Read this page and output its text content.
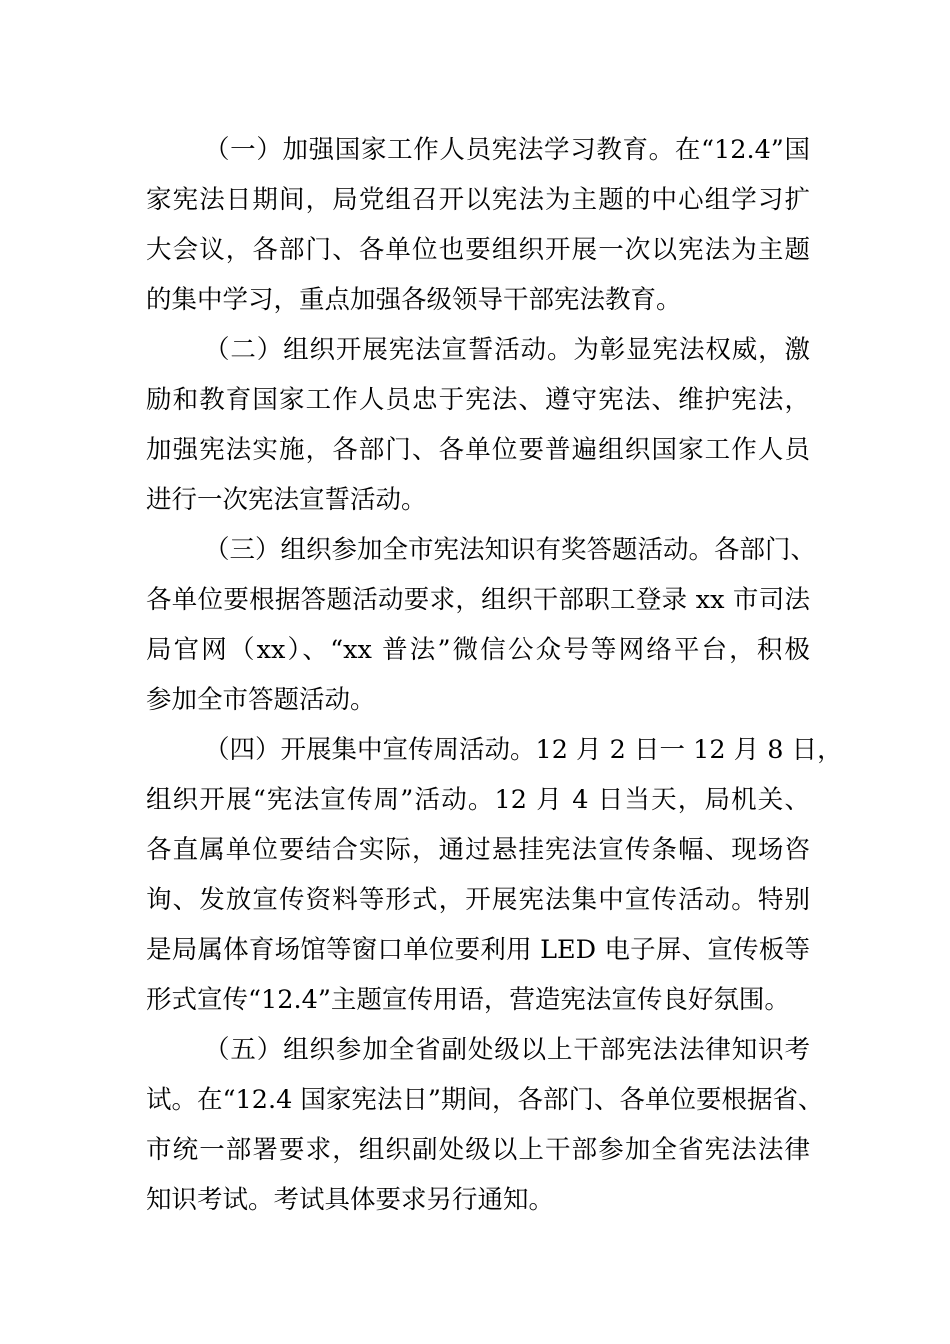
（一）加强国家工作人员宪法学习教育。在“12.4”国
家宪法日期间，局党组召开以宪法为主题的中心组学习扩
大会议，各部门、各单位也要组织开展一次以宪法为主题
的集中学习，重点加强各级领导干部宪法教育。
（二）组织开展宪法宣誓活动。为彰显宪法权威，激
励和教育国家工作人员忠于宪法、遵守宪法、维护宪法，
加强宪法实施，各部门、各单位要普遍组织国家工作人员
进行一次宪法宣誓活动。
（三）组织参加全市宪法知识有奖答题活动。各部门、
各单位要根据答题活动要求，组织干部职工登录 xx 市司法
局官网（xx）、“xx 普法”微信公众号等网络平台，积极
参加全市答题活动。
（四）开展集中宣传周活动。12 月 2 日一 12 月 8 日，
组织开展“宪法宣传周”活动。12 月 4 日当天，局机关、
各直属单位要结合实际，通过悬挂宪法宣传条幅、现场咨
询、发放宣传资料等形式，开展宪法集中宣传活动。特别
是局属体育场馆等窗口单位要利用 LED 电子屏、宣传板等
形式宣传“12.4”主题宣传用语，营造宪法宣传良好氛围。
（五）组织参加全省副处级以上干部宪法法律知识考
试。在“12.4 国家宪法日”期间，各部门、各单位要根据省、
市统一部署要求，组织副处级以上干部参加全省宪法法律
知识考试。考试具体要求另行通知。
